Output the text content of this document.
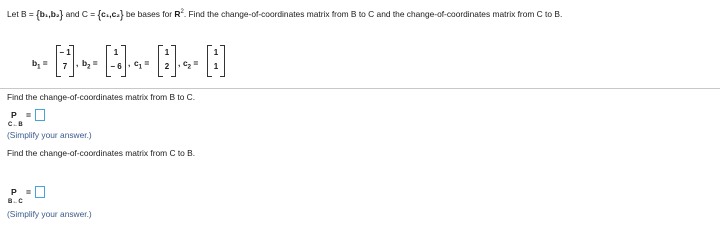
Let B = {b₁,b₂} and C = {c₁,c₂} be bases for $R^2$. Find the change-of-coordinates matrix from B to C and the change-of-coordinates matrix from C to B.
$b_1$ =
− 1
7	, $b_2$ =
1
− 6 , $c_1$ =
1
2	, $c_2$ =
1
1
Find the change-of-coordinates matrix from B to C.
P =
C←B
(Simplify your answer.)
Find the change-of-coordinates matrix from C to B.
P =
B←C
(Simplify your answer.)
